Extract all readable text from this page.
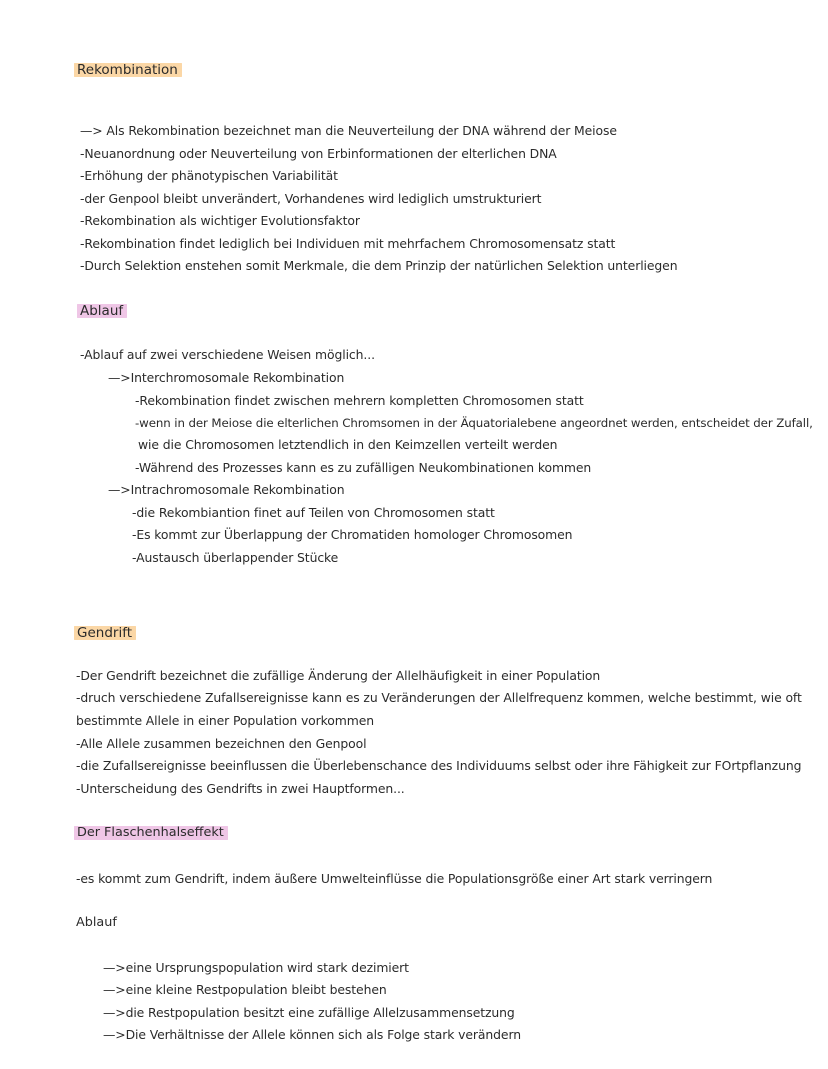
Rekombination
—> Als Rekombination bezeichnet man die Neuverteilung der DNA während der Meiose
-Neuanordnung oder Neuverteilung von Erbinformationen der elterlichen DNA
-Erhöhung der phänotypischen Variabilität
-der Genpool bleibt unverändert, Vorhandenes wird lediglich umstrukturiert
-Rekombination als wichtiger Evolutionsfaktor
-Rekombination findet lediglich bei Individuen mit mehrfachem Chromosomensatz statt
-Durch Selektion enstehen somit Merkmale, die dem Prinzip der natürlichen Selektion unterliegen
Ablauf
-Ablauf auf zwei verschiedene Weisen möglich...
—>Interchromosomale Rekombination
-Rekombination findet zwischen mehrern kompletten Chromosomen statt
-wenn in der Meiose die elterlichen Chromsomen in der Äquatorialebene angeordnet werden, entscheidet der Zufall,
wie die Chromosomen letztendlich in den Keimzellen verteilt werden
-Während des Prozesses kann es zu zufälligen Neukombinationen kommen
—>Intrachromosomale Rekombination
-die Rekombiantion finet auf Teilen von Chromosomen statt
-Es kommt zur Überlappung der Chromatiden homologer Chromosomen
-Austausch überlappender Stücke
Gendrift
-Der Gendrift bezeichnet die zufällige Änderung der Allelhäufigkeit in einer Population
-druch verschiedene Zufallsereignisse kann es zu Veränderungen der Allelfrequenz kommen, welche bestimmt, wie oft
bestimmte Allele in einer Population vorkommen
-Alle Allele zusammen bezeichnen den Genpool
-die Zufallsereignisse beeinflussen die Überlebenschance des Individuums selbst oder ihre Fähigkeit zur FOrtpflanzung
-Unterscheidung des Gendrifts in zwei Hauptformen...
Der Flaschenhalseffekt
-es kommt zum Gendrift, indem äußere Umwelteinflüsse die Populationsgröße einer Art stark verringern
Ablauf
—>eine Ursprungspopulation wird stark dezimiert
—>eine kleine Restpopulation bleibt bestehen
—>die Restpopulation besitzt eine zufällige Allelzusammensetzung
—>Die Verhältnisse der Allele können sich als Folge stark verändern
